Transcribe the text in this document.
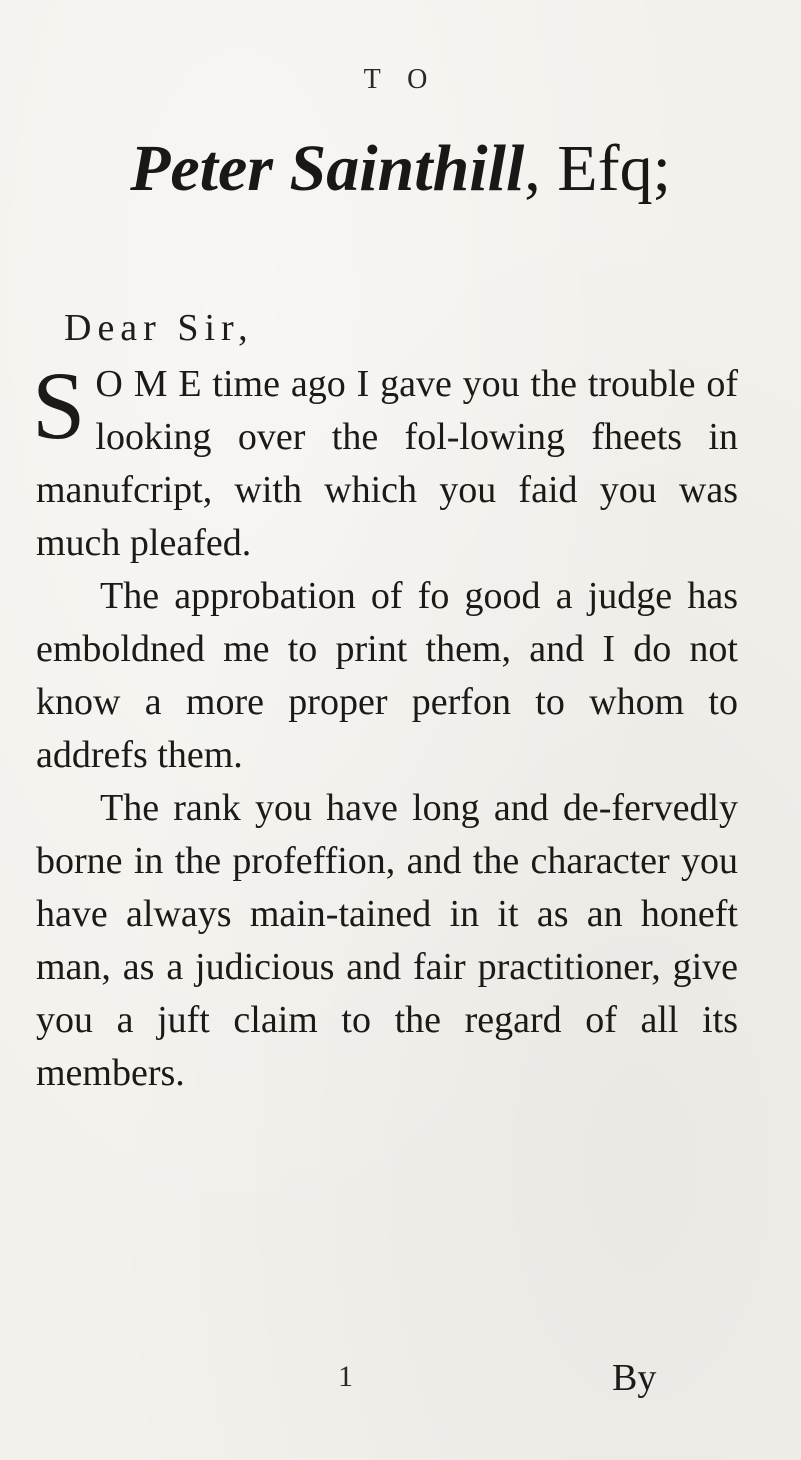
T O
Peter Sainthill, Efq;
Dear Sir,

S O M E time ago I gave you the trouble of looking over the fol-lowing fheets in manufcript, with which you faid you was much pleafed.

The approbation of fo good a judge has emboldned me to print them, and I do not know a more proper perfon to whom to addrefs them.

The rank you have long and de-fervedly borne in the profeffion, and the character you have always main-tained in it as an honeft man, as a judicious and fair practitioner, give you a juft claim to the regard of all its members.

1	By
